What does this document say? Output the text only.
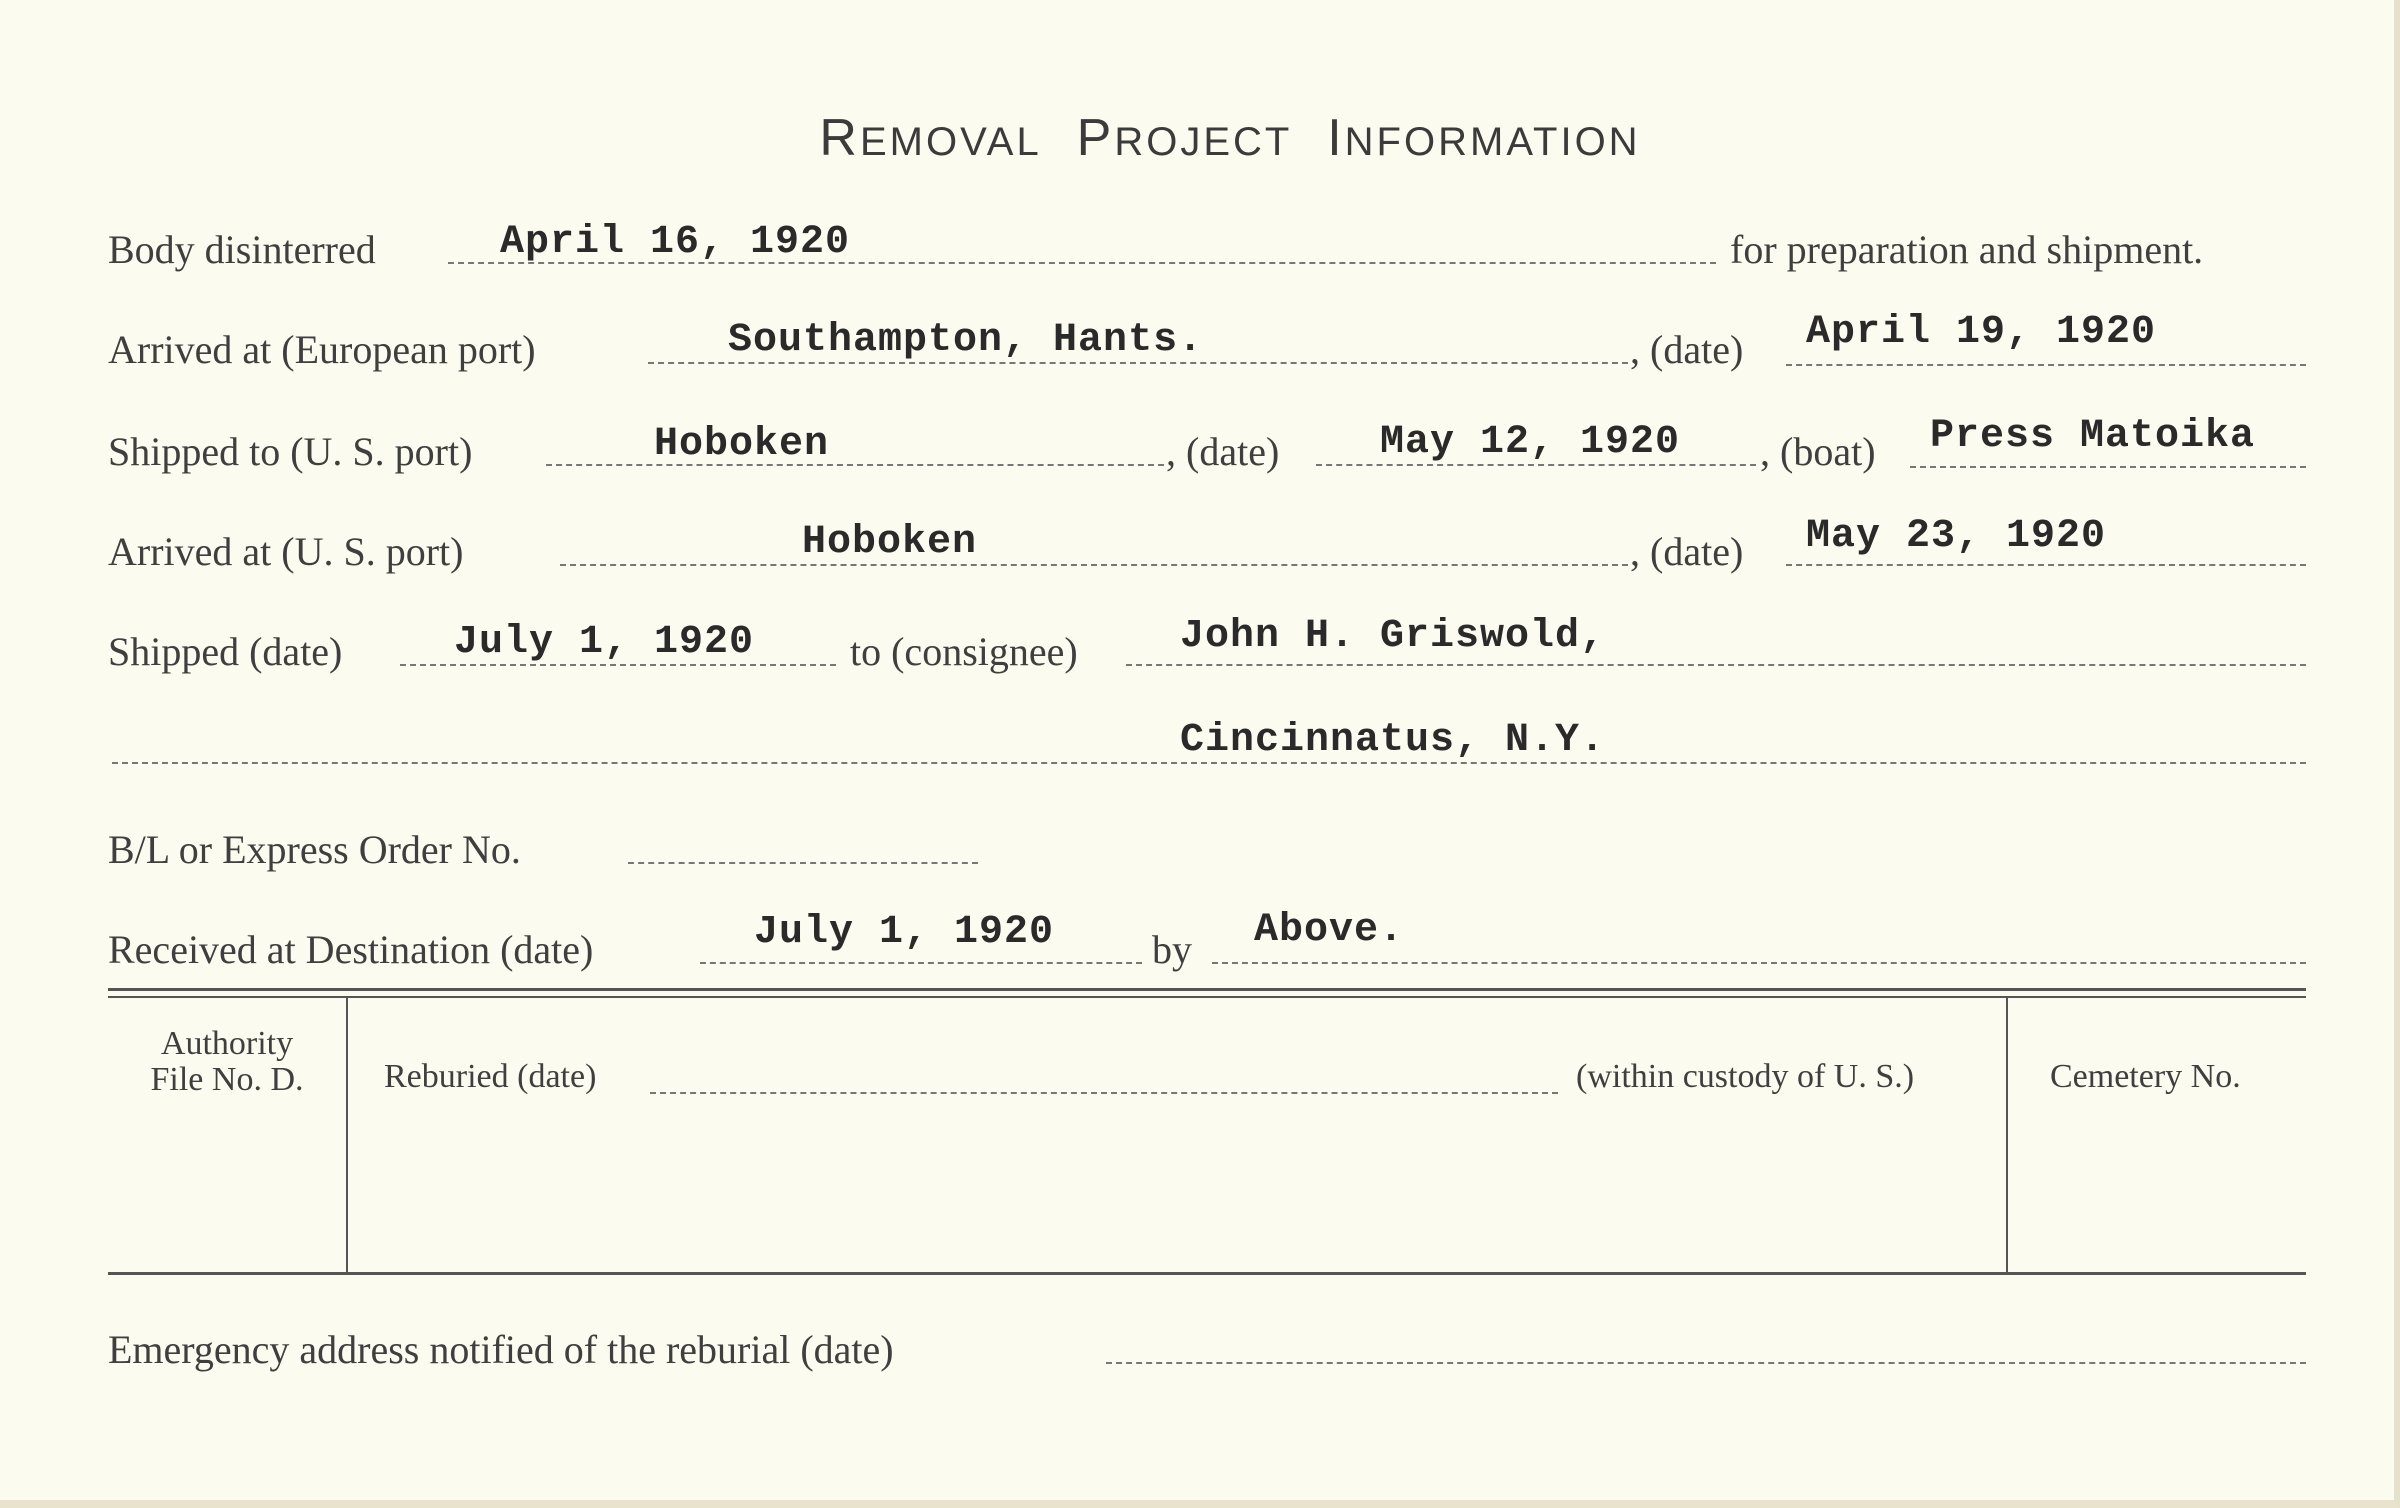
REMOVAL PROJECT INFORMATION
Body disinterred	April 16, 1920	for preparation and shipment.
Arrived at (European port)	Southampton, Hants.	, (date) April 19, 1920
Shipped to (U. S. port)	Hoboken	, (date)	May 12, 1920 , (boat) Press Matoika
Arrived at (U. S. port)	Hoboken	, (date) May 23, 1920
Shipped (date)	July 1, 1920 to (consignee)	John H. Griswold,
Cincinnatus, N.Y.
B/L or Express Order No.
Received at Destination (date)	July 1, 1920 by Above.
Authority
File No. D.	Reburied (date)	(within custody of U. S.)	Cemetery No.
Emergency address notified of the reburial (date)
